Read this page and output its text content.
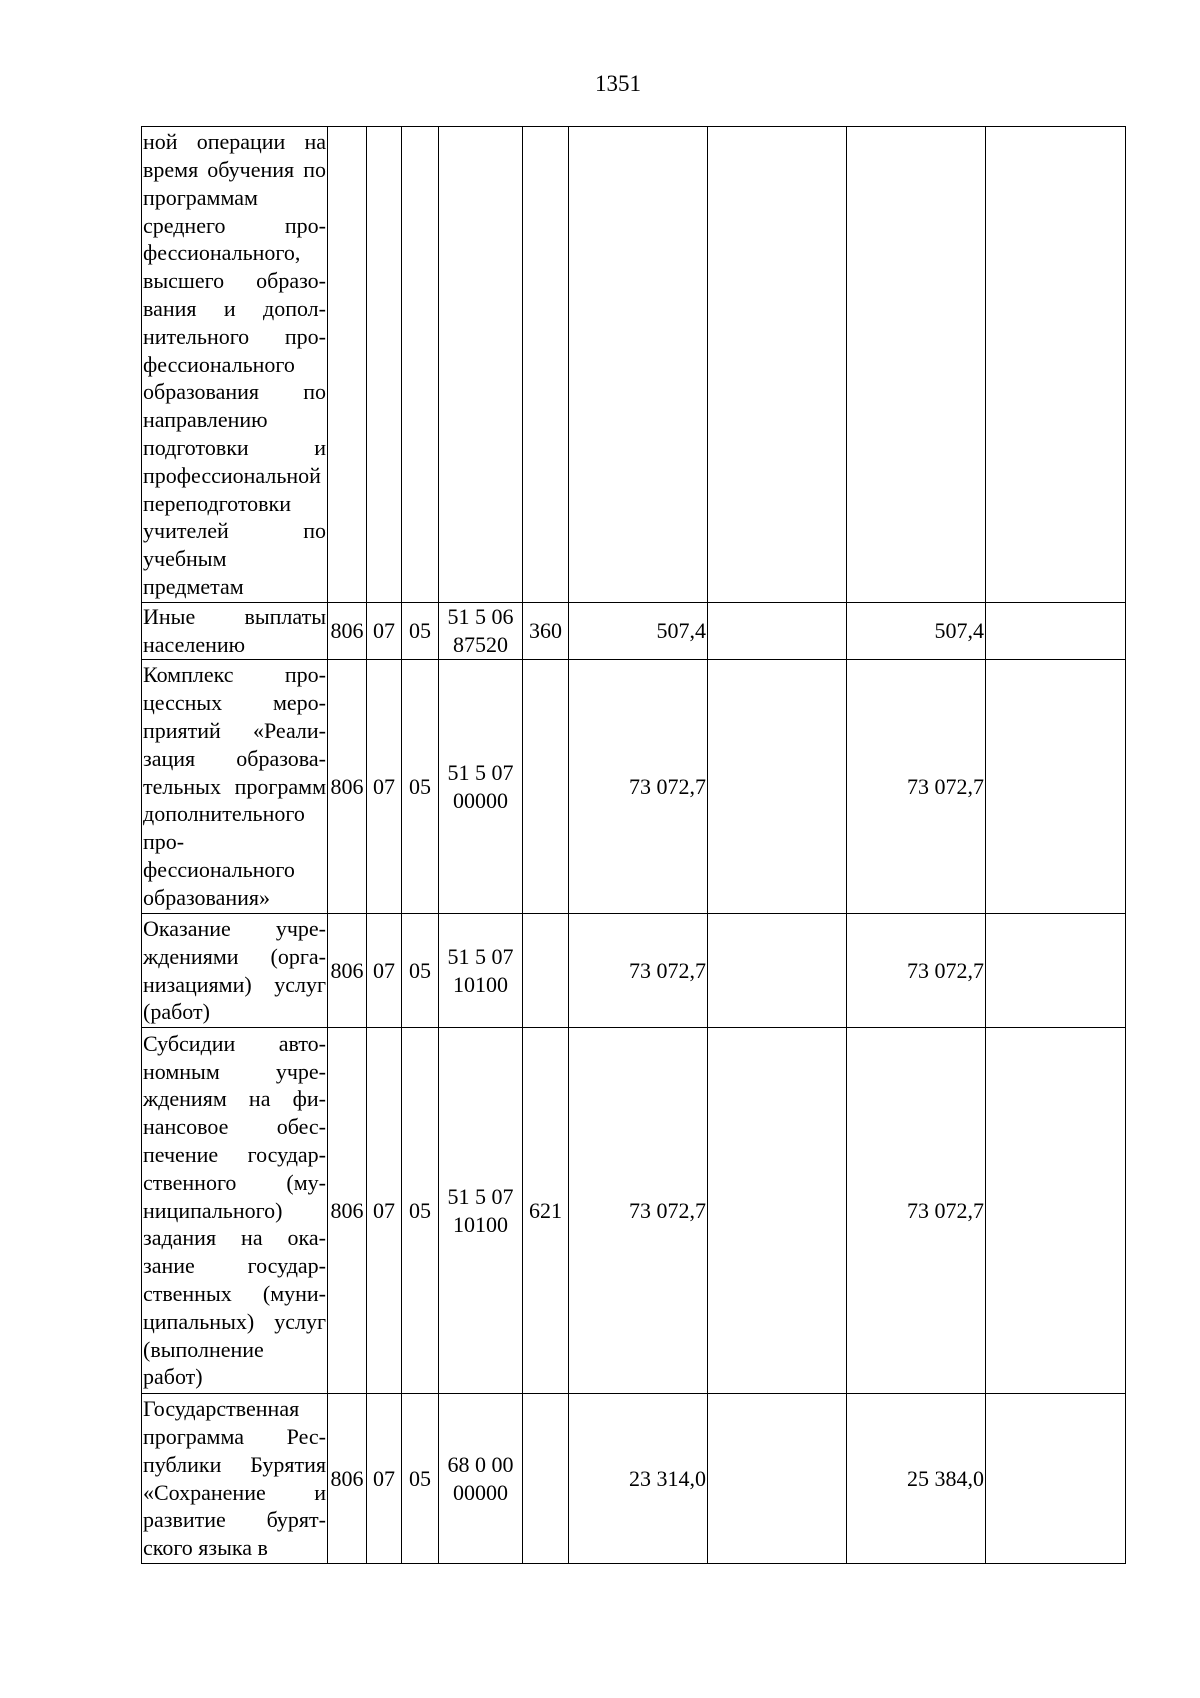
1351
ной операции на время обучения по программам среднего профессионального, высшего образования и дополнительного профессионального образования по направлению подготовки и профессиональной переподготовки учителей по учебным предметам									
Иные выплаты населению	806	07	05	51 5 06 87520	360	507,4		507,4	
Комплекс процессных мероприятий «Реализация образовательных программ дополнительного профессионального образования»	806	07	05	51 5 07 00000		73 072,7		73 072,7	
Оказание учреждениями (организациями) услуг (работ)	806	07	05	51 5 07 10100		73 072,7		73 072,7	
Субсидии автономным учреждениям на финансовое обеспечение государственного (муниципального) задания на оказание государственных (муниципальных) услуг (выполнение работ)	806	07	05	51 5 07 10100	621	73 072,7		73 072,7	
Государственная программа Республики Бурятия «Сохранение и развитие бурятского языка в	806	07	05	68 0 00 00000		23 314,0		25 384,0	
